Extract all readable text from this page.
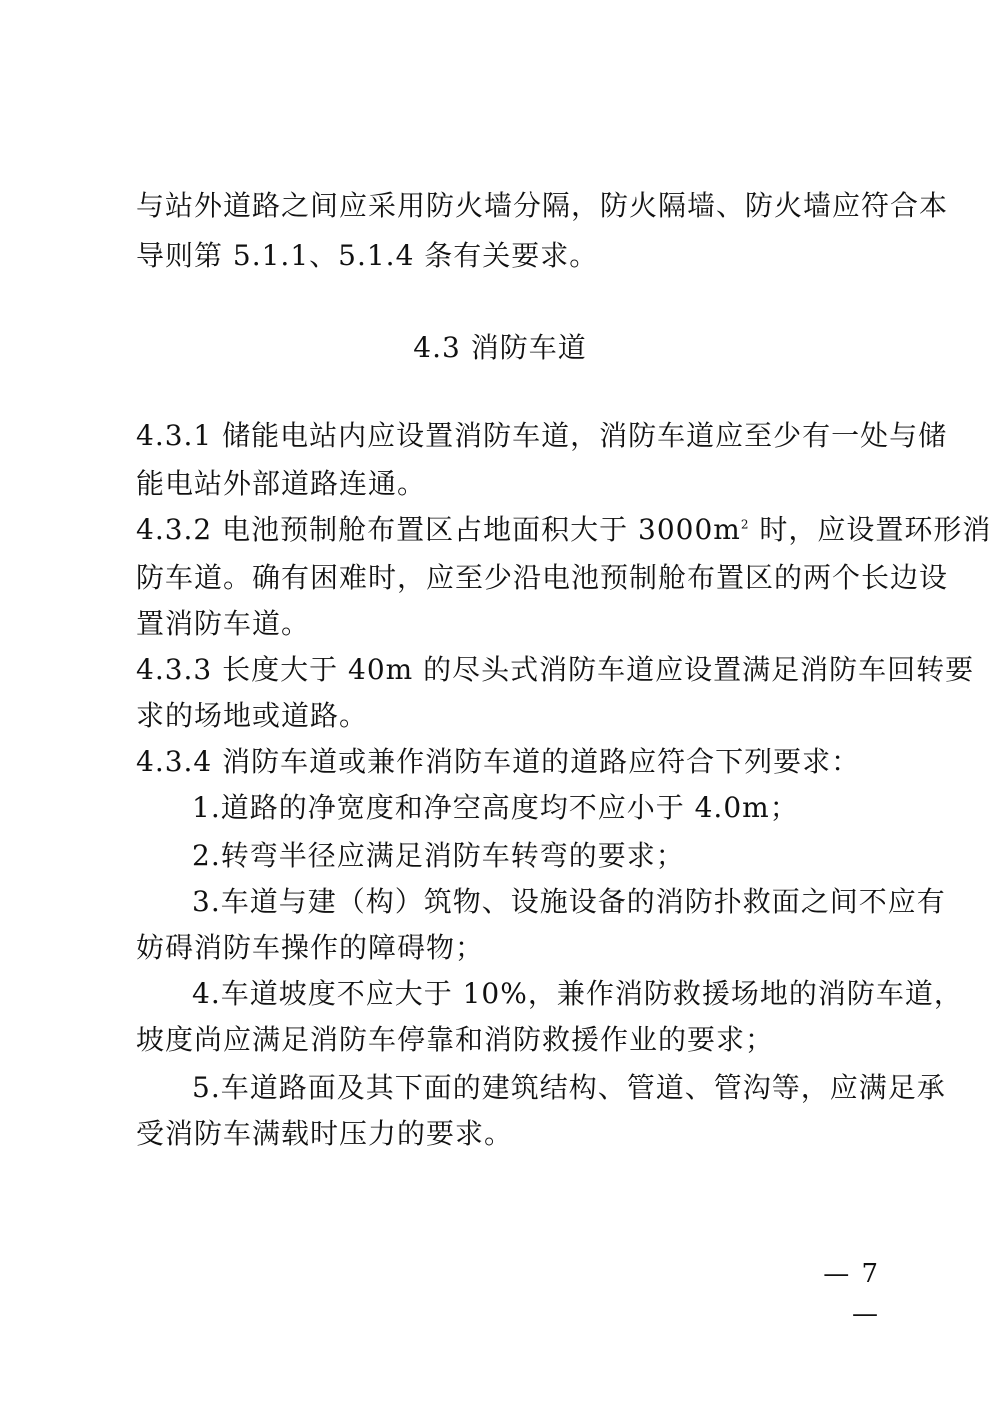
与站外道路之间应采用防火墙分隔，防火隔墙、防火墙应符合本
导则第 5.1.1、5.1.4 条有关要求。
4.3 消防车道
4.3.1 储能电站内应设置消防车道，消防车道应至少有一处与储
能电站外部道路连通。
4.3.2 电池预制舱布置区占地面积大于 $3000m^2$ 时，应设置环形消
防车道。确有困难时，应至少沿电池预制舱布置区的两个长边设
置消防车道。
4.3.3 长度大于 40m 的尽头式消防车道应设置满足消防车回转要
求的场地或道路。
4.3.4 消防车道或兼作消防车道的道路应符合下列要求：
1.道路的净宽度和净空高度均不应小于 4.0m；
2.转弯半径应满足消防车转弯的要求；
3.车道与建（构）筑物、设施设备的消防扑救面之间不应有
妨碍消防车操作的障碍物；
4.车道坡度不应大于 10%，兼作消防救援场地的消防车道，
坡度尚应满足消防车停靠和消防救援作业的要求；
5.车道路面及其下面的建筑结构、管道、管沟等，应满足承
受消防车满载时压力的要求。
— 7 —
